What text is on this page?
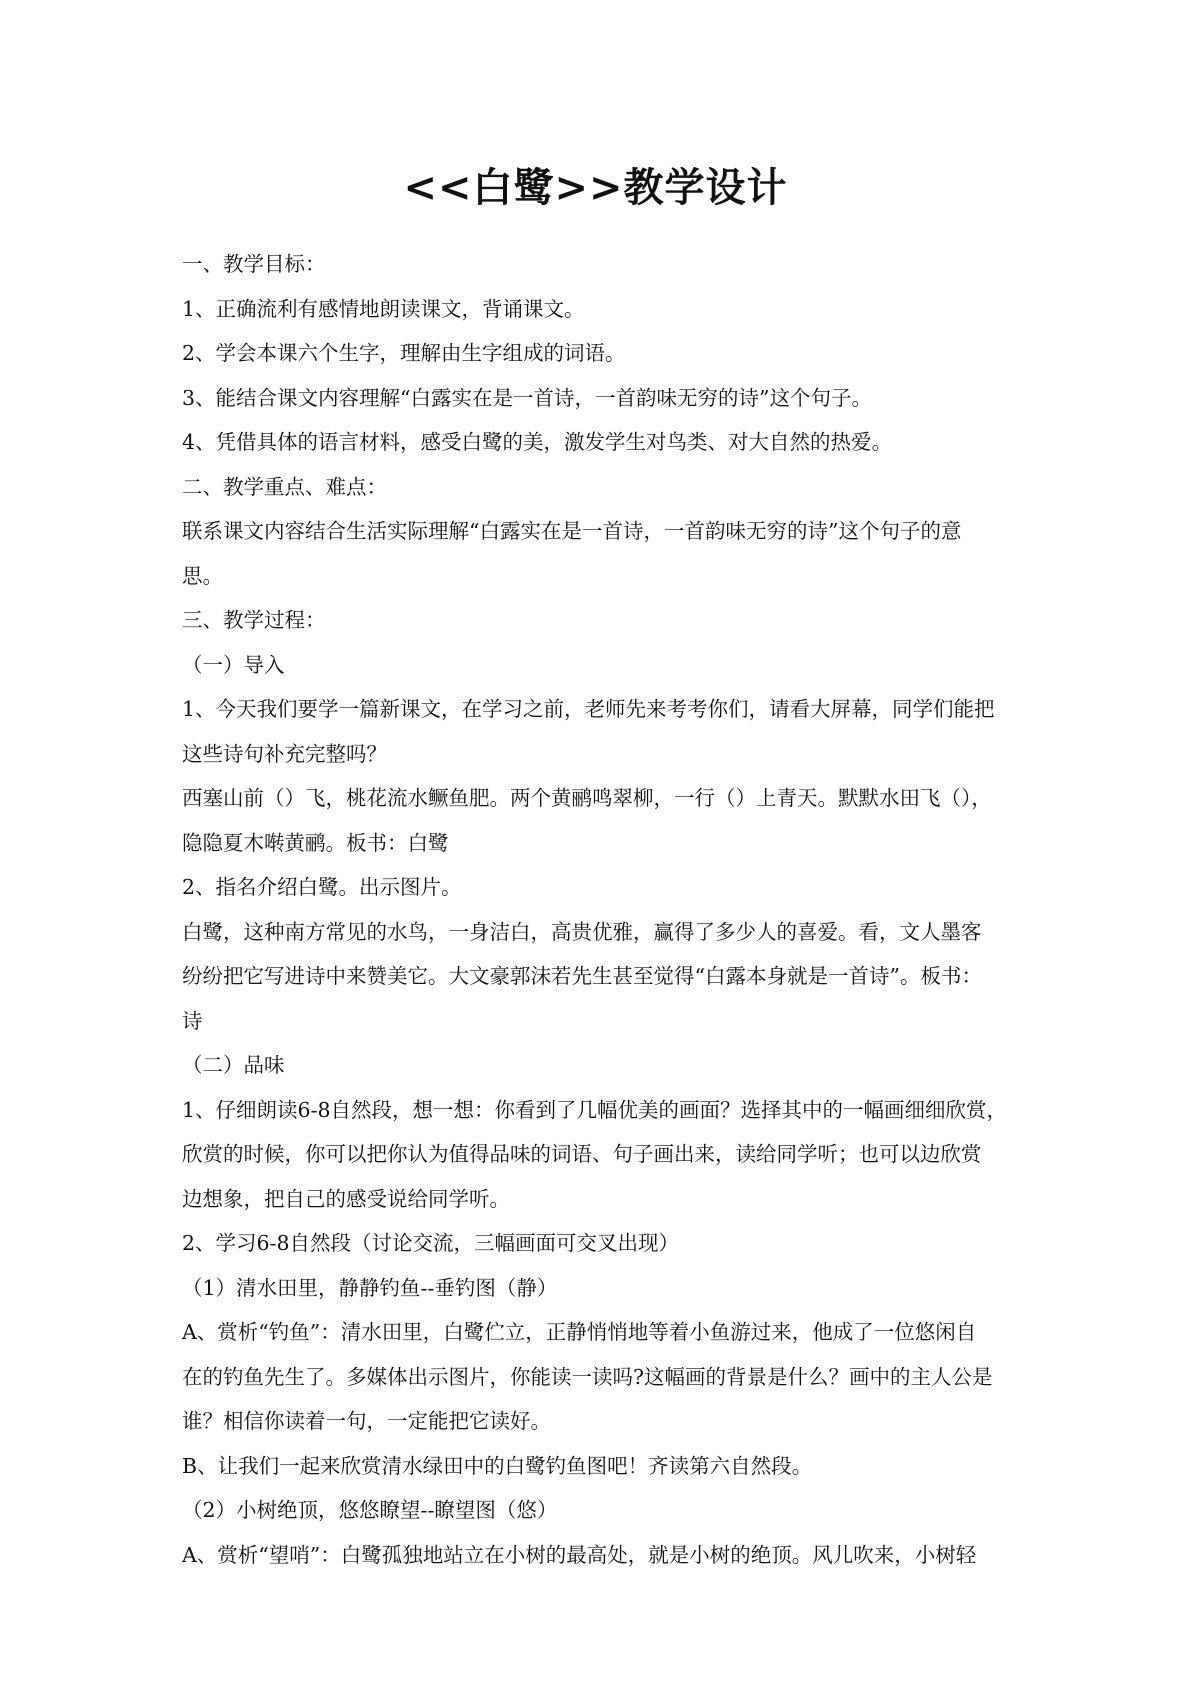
<<白鹭>>教学设计
一、教学目标：
1、正确流利有感情地朗读课文，背诵课文。
2、学会本课六个生字，理解由生字组成的词语。
3、能结合课文内容理解“白露实在是一首诗，一首韵味无穷的诗”这个句子。
4、凭借具体的语言材料，感受白鹭的美，激发学生对鸟类、对大自然的热爱。
二、教学重点、难点：
联系课文内容结合生活实际理解“白露实在是一首诗，一首韵味无穷的诗”这个句子的意
思。
三、教学过程：
（一）导入
1、今天我们要学一篇新课文，在学习之前，老师先来考考你们，请看大屏幕，同学们能把
这些诗句补充完整吗？
西塞山前（）飞，桃花流水鳜鱼肥。两个黄鹂鸣翠柳，一行（）上青天。默默水田飞（），
隐隐夏木啭黄鹂。板书：白鹭
2、指名介绍白鹭。出示图片。
白鹭，这种南方常见的水鸟，一身洁白，高贵优雅，赢得了多少人的喜爱。看，文人墨客
纷纷把它写进诗中来赞美它。大文豪郭沫若先生甚至觉得“白露本身就是一首诗”。板书：
诗
（二）品味
1、仔细朗读6-8自然段，想一想：你看到了几幅优美的画面？选择其中的一幅画细细欣赏，
欣赏的时候，你可以把你认为值得品味的词语、句子画出来，读给同学听；也可以边欣赏
边想象，把自己的感受说给同学听。
2、学习6-8自然段（讨论交流，三幅画面可交叉出现）
（1）清水田里，静静钓鱼--垂钓图（静）
A、赏析“钓鱼”：清水田里，白鹭伫立，正静悄悄地等着小鱼游过来，他成了一位悠闲自
在的钓鱼先生了。多媒体出示图片，你能读一读吗?这幅画的背景是什么？画中的主人公是
谁？相信你读着一句，一定能把它读好。
B、让我们一起来欣赏清水绿田中的白鹭钓鱼图吧！齐读第六自然段。
（2）小树绝顶，悠悠瞭望--瞭望图（悠）
A、赏析“望哨”：白鹭孤独地站立在小树的最高处，就是小树的绝顶。风儿吹来，小树轻
